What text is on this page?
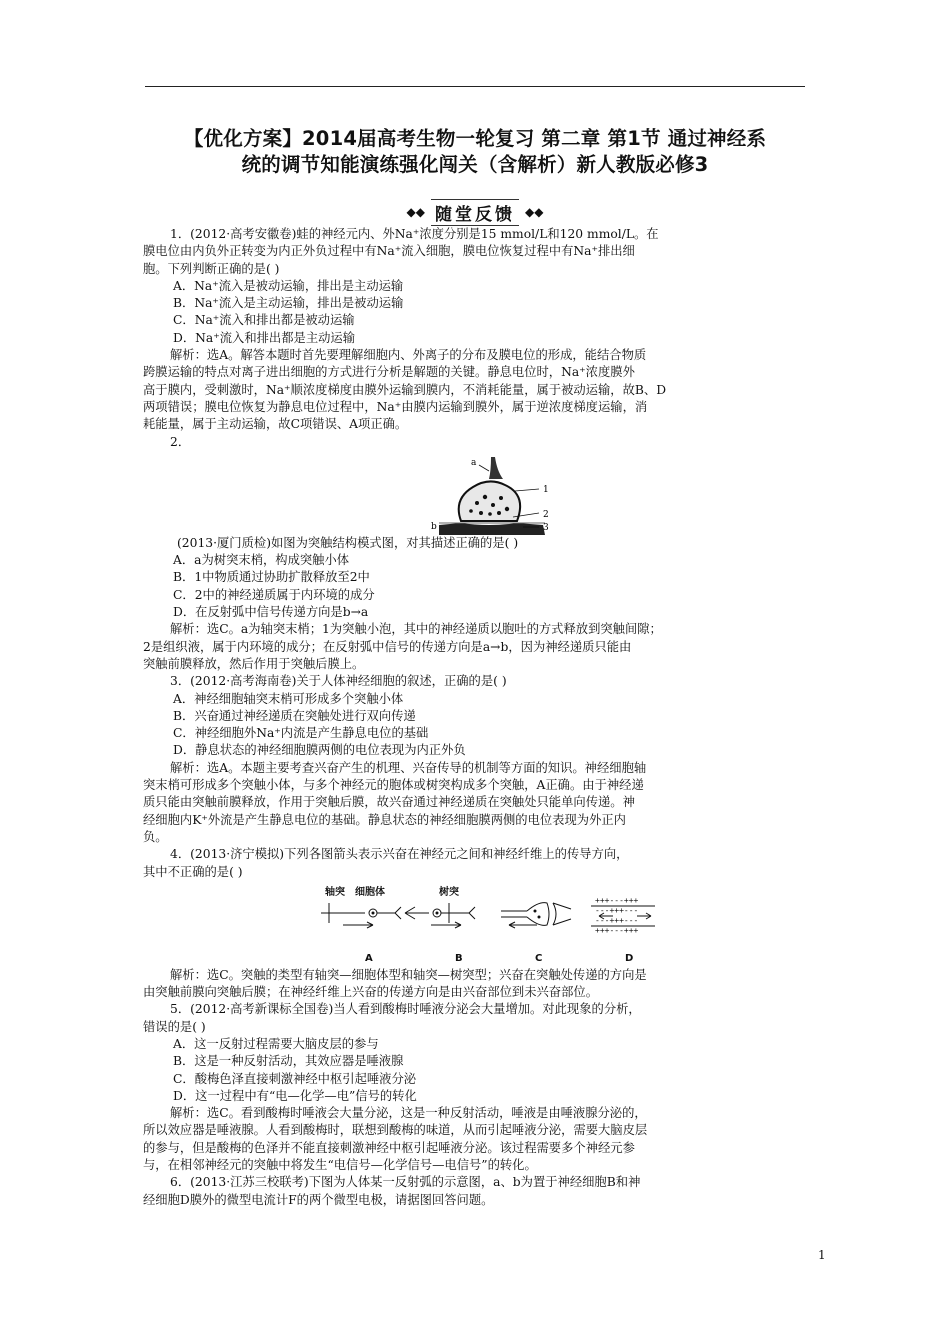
【优化方案】2014届高考生物一轮复习 第二章 第1节 通过神经系
统的调节知能演练强化闯关（含解析）新人教版必修3
◆◆ 随堂反馈 ◆◆

1．(2012·高考安徽卷)蛙的神经元内、外Na⁺浓度分别是15 mmol/L和120 mmol/L。在

膜电位由内负外正转变为内正外负过程中有Na⁺流入细胞，膜电位恢复过程中有Na⁺排出细

胞。下列判断正确的是( )

A．Na⁺流入是被动运输，排出是主动运输

B．Na⁺流入是主动运输，排出是被动运输

C．Na⁺流入和排出都是被动运输

D．Na⁺流入和排出都是主动运输

解析：选A。解答本题时首先要理解细胞内、外离子的分布及膜电位的形成，能结合物质

跨膜运输的特点对离子进出细胞的方式进行分析是解题的关键。静息电位时，Na⁺浓度膜外

高于膜内，受刺激时，Na⁺顺浓度梯度由膜外运输到膜内，不消耗能量，属于被动运输，故B、D

两项错误；膜电位恢复为静息电位过程中，Na⁺由膜内运输到膜外，属于逆浓度梯度运输，消

耗能量，属于主动运输，故C项错误、A项正确。

2．

a
b
1
2
3

(2013·厦门质检)如图为突触结构模式图，对其描述正确的是( )

A．a为树突末梢，构成突触小体

B．1中物质通过协助扩散释放至2中

C．2中的神经递质属于内环境的成分

D．在反射弧中信号传递方向是b→a

解析：选C。a为轴突末梢；1为突触小泡，其中的神经递质以胞吐的方式释放到突触间隙；

2是组织液，属于内环境的成分；在反射弧中信号的传递方向是a→b，因为神经递质只能由

突触前膜释放，然后作用于突触后膜上。

3．(2012·高考海南卷)关于人体神经细胞的叙述，正确的是( )

A．神经细胞轴突末梢可形成多个突触小体

B．兴奋通过神经递质在突触处进行双向传递

C．神经细胞外Na⁺内流是产生静息电位的基础

D．静息状态的神经细胞膜两侧的电位表现为内正外负

解析：选A。本题主要考查兴奋产生的机理、兴奋传导的机制等方面的知识。神经细胞轴

突末梢可形成多个突触小体，与多个神经元的胞体或树突构成多个突触，A正确。由于神经递

质只能由突触前膜释放，作用于突触后膜，故兴奋通过神经递质在突触处只能单向传递。神

经细胞内K⁺外流是产生静息电位的基础。静息状态的神经细胞膜两侧的电位表现为外正内

负。

4．(2013·济宁模拟)下列各图箭头表示兴奋在神经元之间和神经纤维上的传导方向，

其中不正确的是( )

轴突 细胞体	树突
+++---+++
---+++---
---+++---
+++---+++
A	B	C	D

解析：选C。突触的类型有轴突—细胞体型和轴突—树突型；兴奋在突触处传递的方向是

由突触前膜向突触后膜；在神经纤维上兴奋的传递方向是由兴奋部位到未兴奋部位。

5．(2012·高考新课标全国卷)当人看到酸梅时唾液分泌会大量增加。对此现象的分析，

错误的是( )

A．这一反射过程需要大脑皮层的参与

B．这是一种反射活动，其效应器是唾液腺

C．酸梅色泽直接刺激神经中枢引起唾液分泌

D．这一过程中有“电—化学—电”信号的转化

解析：选C。看到酸梅时唾液会大量分泌，这是一种反射活动，唾液是由唾液腺分泌的，

所以效应器是唾液腺。人看到酸梅时，联想到酸梅的味道，从而引起唾液分泌，需要大脑皮层

的参与，但是酸梅的色泽并不能直接刺激神经中枢引起唾液分泌。该过程需要多个神经元参

与，在相邻神经元的突触中将发生“电信号—化学信号—电信号”的转化。

6．(2013·江苏三校联考)下图为人体某一反射弧的示意图，a、b为置于神经细胞B和神

经细胞D膜外的微型电流计F的两个微型电极，请据图回答问题。

1
